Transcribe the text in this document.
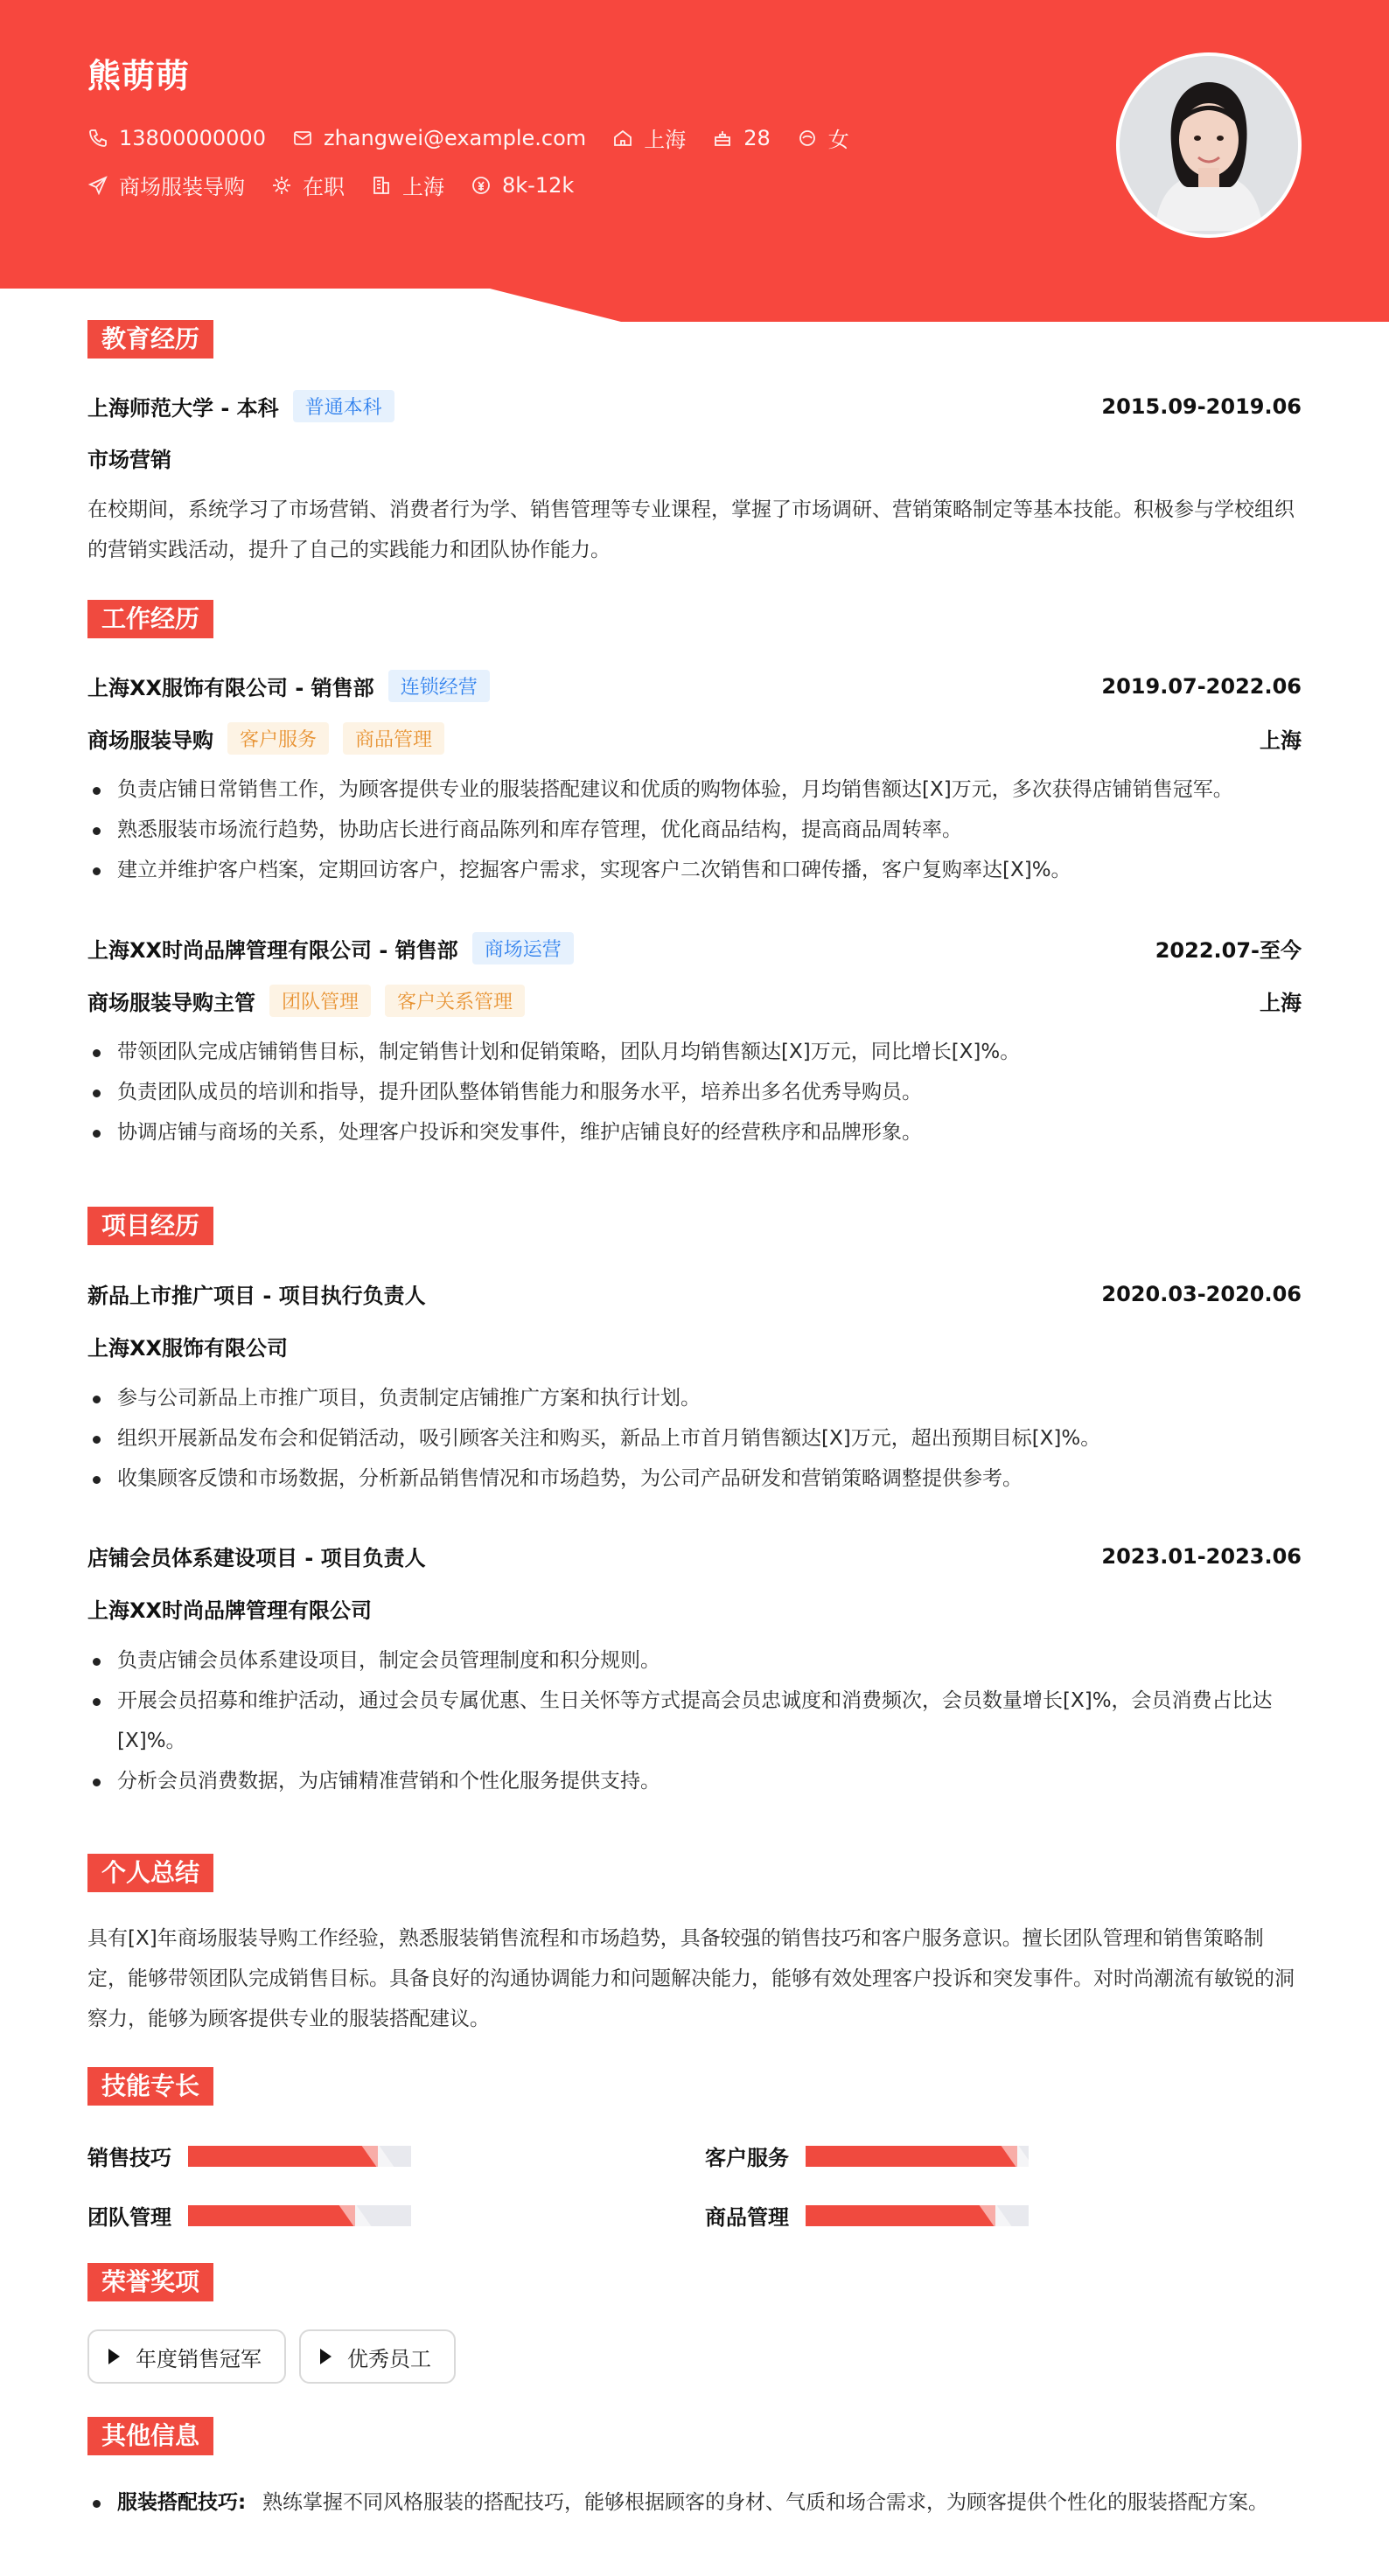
熊萌萌
13800000000	zhangwei@example.com	上海	28	女
商场服装导购	在职	上海	8k-12k
教育经历
上海师范大学 - 本科	普通本科	2015.09-2019.06
市场营销
在校期间，系统学习了市场营销、消费者行为学、销售管理等专业课程，掌握了市场调研、营销策略制定等基本技能。积极参与学校组织的营销实践活动，提升了自己的实践能力和团队协作能力。
工作经历
上海XX服饰有限公司 - 销售部	连锁经营	2019.07-2022.06
商场服装导购	客户服务	商品管理	上海
负责店铺日常销售工作，为顾客提供专业的服装搭配建议和优质的购物体验，月均销售额达[X]万元，多次获得店铺销售冠军。
熟悉服装市场流行趋势，协助店长进行商品陈列和库存管理，优化商品结构，提高商品周转率。
建立并维护客户档案，定期回访客户，挖掘客户需求，实现客户二次销售和口碑传播，客户复购率达[X]%。
上海XX时尚品牌管理有限公司 - 销售部	商场运营	2022.07-至今
商场服装导购主管	团队管理	客户关系管理	上海
带领团队完成店铺销售目标，制定销售计划和促销策略，团队月均销售额达[X]万元，同比增长[X]%。
负责团队成员的培训和指导，提升团队整体销售能力和服务水平，培养出多名优秀导购员。
协调店铺与商场的关系，处理客户投诉和突发事件，维护店铺良好的经营秩序和品牌形象。
项目经历
新品上市推广项目 - 项目执行负责人	2020.03-2020.06
上海XX服饰有限公司
参与公司新品上市推广项目，负责制定店铺推广方案和执行计划。
组织开展新品发布会和促销活动，吸引顾客关注和购买，新品上市首月销售额达[X]万元，超出预期目标[X]%。
收集顾客反馈和市场数据，分析新品销售情况和市场趋势，为公司产品研发和营销策略调整提供参考。
店铺会员体系建设项目 - 项目负责人	2023.01-2023.06
上海XX时尚品牌管理有限公司
负责店铺会员体系建设项目，制定会员管理制度和积分规则。
开展会员招募和维护活动，通过会员专属优惠、生日关怀等方式提高会员忠诚度和消费频次，会员数量增长[X]%，会员消费占比达[X]%。
分析会员消费数据，为店铺精准营销和个性化服务提供支持。
个人总结
具有[X]年商场服装导购工作经验，熟悉服装销售流程和市场趋势，具备较强的销售技巧和客户服务意识。擅长团队管理和销售策略制定，能够带领团队完成销售目标。具备良好的沟通协调能力和问题解决能力，能够有效处理客户投诉和突发事件。对时尚潮流有敏锐的洞察力，能够为顾客提供专业的服装搭配建议。
技能专长
销售技巧	客户服务
团队管理	商品管理
荣誉奖项
年度销售冠军	优秀员工
其他信息
服装搭配技巧: 熟练掌握不同风格服装的搭配技巧，能够根据顾客的身材、气质和场合需求，为顾客提供个性化的服装搭配方案。
